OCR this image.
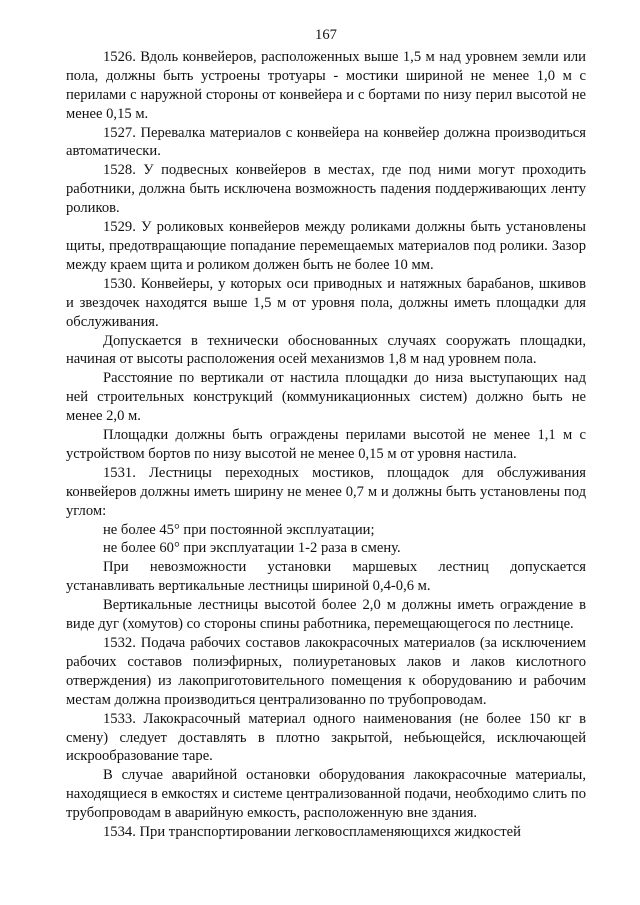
167

1526. Вдоль конвейеров, расположенных выше 1,5 м над уровнем земли или пола, должны быть устроены тротуары - мостики шириной не менее 1,0 м с перилами с наружной стороны от конвейера и с бортами по низу перил высотой не менее 0,15 м.

1527. Перевалка материалов с конвейера на конвейер должна производиться автоматически.

1528. У подвесных конвейеров в местах, где под ними могут проходить работники, должна быть исключена возможность падения поддерживающих ленту роликов.

1529. У роликовых конвейеров между роликами должны быть установлены щиты, предотвращающие попадание перемещаемых материалов под ролики. Зазор между краем щита и роликом должен быть не более 10 мм.

1530. Конвейеры, у которых оси приводных и натяжных барабанов, шкивов и звездочек находятся выше 1,5 м от уровня пола, должны иметь площадки для обслуживания.

Допускается в технически обоснованных случаях сооружать площадки, начиная от высоты расположения осей механизмов 1,8 м над уровнем пола.

Расстояние по вертикали от настила площадки до низа выступающих над ней строительных конструкций (коммуникационных систем) должно быть не менее 2,0 м.

Площадки должны быть ограждены перилами высотой не менее 1,1 м с устройством бортов по низу высотой не менее 0,15 м от уровня настила.

1531. Лестницы переходных мостиков, площадок для обслуживания конвейеров должны иметь ширину не менее 0,7 м и должны быть установлены под углом:

не более 45° при постоянной эксплуатации;

не более 60° при эксплуатации 1-2 раза в смену.

При невозможности установки маршевых лестниц допускается устанавливать вертикальные лестницы шириной 0,4-0,6 м.

Вертикальные лестницы высотой более 2,0 м должны иметь ограждение в виде дуг (хомутов) со стороны спины работника, перемещающегося по лестнице.

1532. Подача рабочих составов лакокрасочных материалов (за исключением рабочих составов полиэфирных, полиуретановых лаков и лаков кислотного отверждения) из лакоприготовительного помещения к оборудованию и рабочим местам должна производиться централизованно по трубопроводам.

1533. Лакокрасочный материал одного наименования (не более 150 кг в смену) следует доставлять в плотно закрытой, небьющейся, исключающей искрообразование таре.

В случае аварийной остановки оборудования лакокрасочные материалы, находящиеся в емкостях и системе централизованной подачи, необходимо слить по трубопроводам в аварийную емкость, расположенную вне здания.

1534. При транспортировании легковоспламеняющихся жидкостей
